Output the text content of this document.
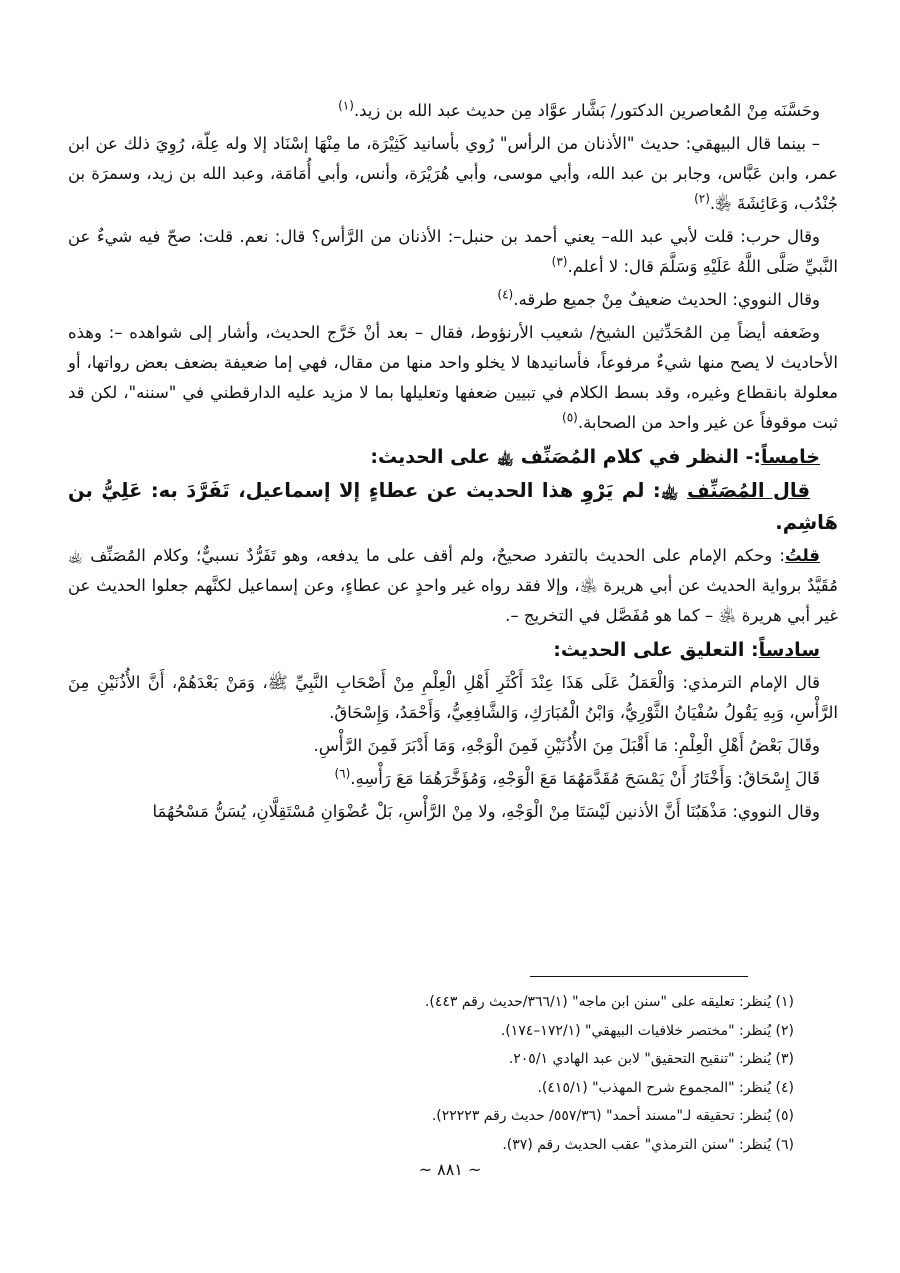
وحَسَّنَه مِنْ المُعاصرين الدكتور/ بَشَّار عوَّاد مِن حديث عبد الله بن زيد.$^{(١)}$

– بينما قال البيهقي: حديث "الأذنان من الرأس" رُوي بأسانيد كَثِيْرَة، ما مِنْهَا إسْنَاد إلا وله عِلّة، رُوِيَ ذلك عن ابن عمر، وابن عَبَّاس، وجابر بن عبد الله، وأبي موسى، وأبي هُرَيْرَة، وأنس، وأبي أُمَامَة، وعبد الله بن زيد، وسمرَة بن جُنْدُب، وَعَائِشَةَ ﵂.$^{(٢)}$

وقال حرب: قلت لأبي عبد الله– يعني أحمد بن حنبل–: الأذنان من الرَّأس؟ قال: نعم. قلت: صحّ فيه شيءٌ عن النَّبيِّ صَلَّى اللَّهُ عَلَيْهِ وَسَلَّمَ قال: لا أعلم.$^{(٣)}$

وقال النووي: الحديث ضعيفٌ مِنْ جميع طرقه.$^{(٤)}$

وضَعفه أيضاً مِن المُحَدِّثين الشيخ/ شعيب الأرنؤوط، فقال – بعد أنْ خَرَّج الحديث، وأشار إلى شواهده –: وهذه الأحاديث لا يصح منها شيءٌ مرفوعاً، فأسانيدها لا يخلو واحد منها من مقال، فهي إما ضعيفة بضعف بعض رواتها، أو معلولة بانقطاع وغيره، وقد بسط الكلام في تبيين ضعفها وتعليلها بما لا مزيد عليه الدارقطني في "سننه"، لكن قد ثبت موقوفاً عن غير واحد من الصحابة.$^{(٥)}$

خامساً:- النظر في كلام المُصَنِّف ﵀ على الحديث:
قال المُصَنِّف ﵀: لم يَرْوِ هذا الحديث عن عطاءٍ إلا إسماعيل، تَفَرَّدَ به: عَلِيُّ بن هَاشِم.

قلتُ: وحكم الإمام على الحديث بالتفرد صحيحٌ، ولم أقف على ما يدفعه، وهو تَفَرُّدٌ نسبيٌّ؛ وكلام المُصَنِّف ﵀ مُقَيَّدٌ برواية الحديث عن أبي هريرة ﵁، وإلا فقد رواه غير واحدٍ عن عطاءٍ، وعن إسماعيل لكنَّهم جعلوا الحديث عن غير أبي هريرة ﵁ – كما هو مُفَصَّل في التخريج –.

سادساً: التعليق على الحديث:

قال الإمام الترمذي: وَالْعَمَلُ عَلَى هَذَا عِنْدَ أَكْثَرِ أَهْلِ الْعِلْمِ مِنْ أَصْحَابِ النَّبِيِّ ﷺ، وَمَنْ بَعْدَهُمْ، أَنَّ الأُذُنَيْنِ مِنَ الرَّأْسِ، وَبِهِ يَقُولُ سُفْيَانُ الثَّوْرِيُّ، وَابْنُ الْمُبَارَكِ، وَالشَّافِعِيُّ، وَأَحْمَدُ، وَإِسْحَاقُ.

وقَالَ بَعْضُ أَهْلِ الْعِلْمِ: مَا أَقْبَلَ مِنَ الأُذُنَيْنِ فَمِنَ الْوَجْهِ، وَمَا أَدْبَرَ فَمِنَ الرَّأْسِ.

قَالَ إِسْحَاقُ: وَأَخْتَارُ أَنْ يَمْسَحَ مُقَدَّمَهُمَا مَعَ الْوَجْهِ، وَمُؤَخَّرَهُمَا مَعَ رَأْسِهِ.$^{(٦)}$

وقال النووي: مَذْهَبُنَا أَنَّ الأذنين لَيْسَتَا مِنْ الْوَجْهِ، ولا مِنْ الرَّأْسِ، بَلْ عُضْوَانِ مُسْتَقِلَّانِ، يُسَنُّ مَسْحُهُمَا

(١) يُنظر: تعليقه على "سنن ابن ماجه" (٣٦٦/١/حديث رقم ٤٤٣).
(٢) يُنظر: "مختصر خلافيات البيهقي" (١٧٢/١–١٧٤).
(٣) يُنظر: "تنقيح التحقيق" لابن عبد الهادي ٢٠٥/١.
(٤) يُنظر: "المجموع شرح المهذب" (٤١٥/١).
(٥) يُنظر: تحقيقه لـ"مسند أحمد" (٥٥٧/٣٦/ حديث رقم ٢٢٢٢٣).
(٦) يُنظر: "سنن الترمذي" عقب الحديث رقم (٣٧).
~ ٨٨١ ~
